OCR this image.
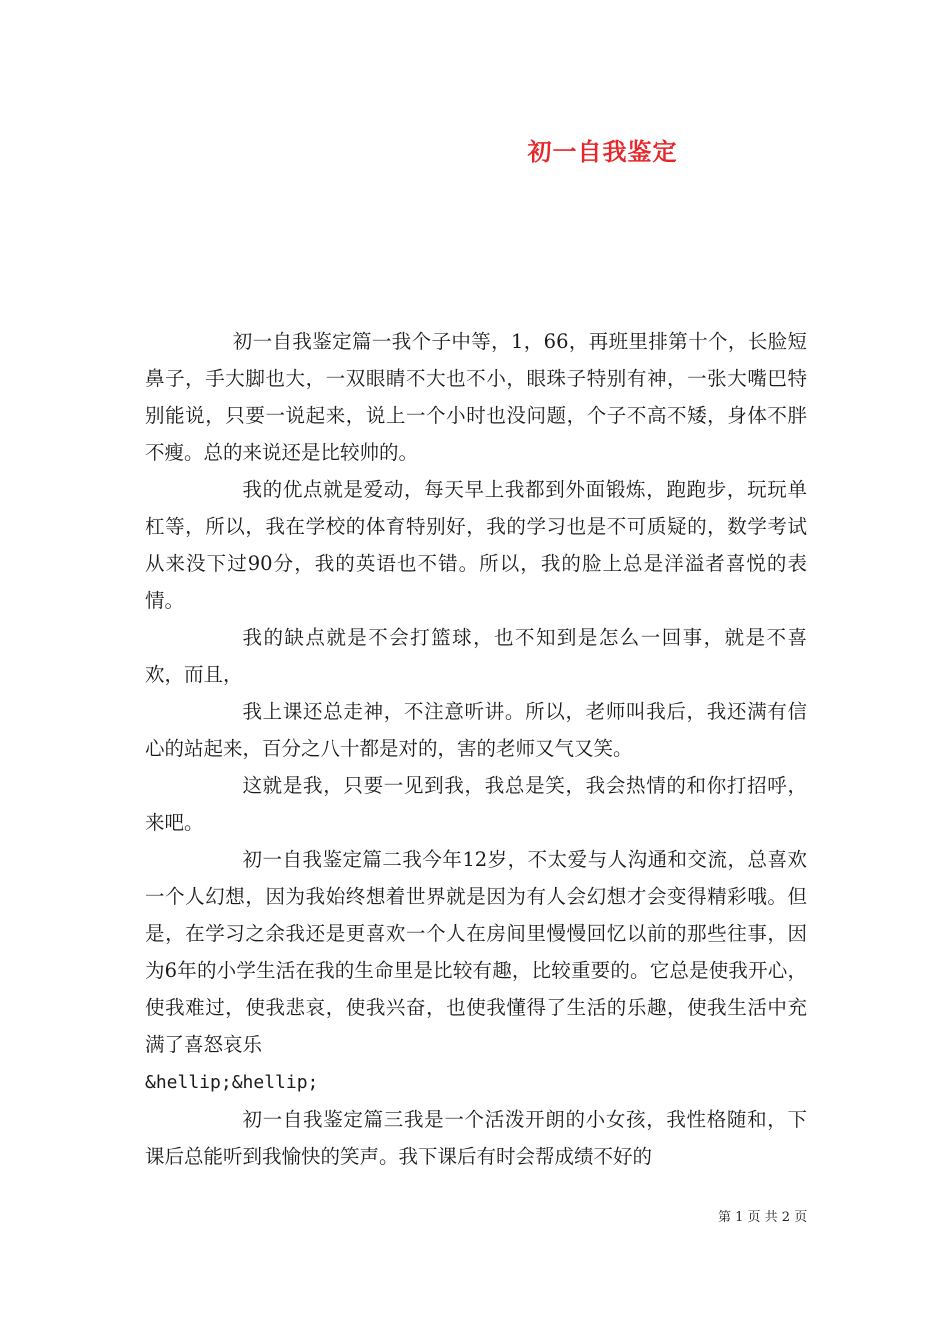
初一自我鉴定

初一自我鉴定篇一我个子中等，1，66，再班里排第十个，长脸短鼻子，手大脚也大，一双眼睛不大也不小，眼珠子特别有神，一张大嘴巴特别能说，只要一说起来，说上一个小时也没问题，个子不高不矮，身体不胖不瘦。总的来说还是比较帅的。

我的优点就是爱动，每天早上我都到外面锻炼，跑跑步，玩玩单杠等，所以，我在学校的体育特别好，我的学习也是不可质疑的，数学考试从来没下过90分，我的英语也不错。所以，我的脸上总是洋溢者喜悦的表情。

我的缺点就是不会打篮球，也不知到是怎么一回事，就是不喜欢，而且，

我上课还总走神，不注意听讲。所以，老师叫我后，我还满有信心的站起来，百分之八十都是对的，害的老师又气又笑。

这就是我，只要一见到我，我总是笑，我会热情的和你打招呼，来吧。

初一自我鉴定篇二我今年12岁，不太爱与人沟通和交流，总喜欢一个人幻想，因为我始终想着世界就是因为有人会幻想才会变得精彩哦。但是，在学习之余我还是更喜欢一个人在房间里慢慢回忆以前的那些往事，因为6年的小学生活在我的生命里是比较有趣，比较重要的。它总是使我开心，使我难过，使我悲哀，使我兴奋，也使我懂得了生活的乐趣，使我生活中充满了喜怒哀乐

&hellip;&hellip;

初一自我鉴定篇三我是一个活泼开朗的小女孩，我性格随和，下课后总能听到我愉快的笑声。我下课后有时会帮成绩不好的

第 1 页 共 2 页
